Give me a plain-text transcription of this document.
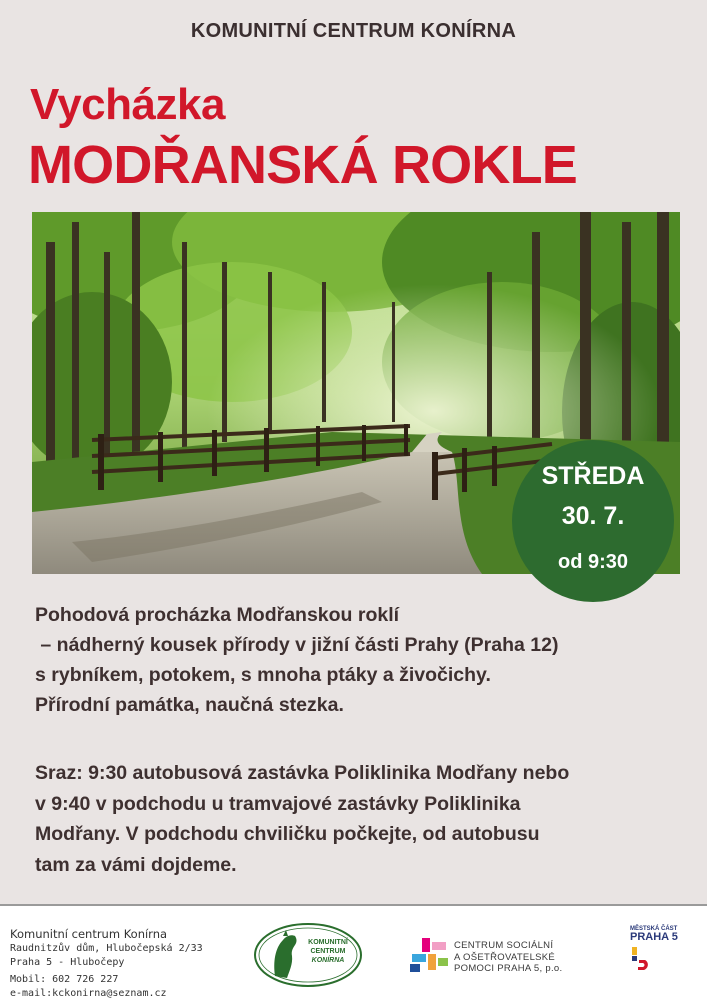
KOMUNITNÍ CENTRUM KONÍRNA
Vycházka
MODŘANSKÁ ROKLE
STŘEDA
30. 7.
od 9:30
Pohodová procházka Modřanskou roklí
– nádherný kousek přírody v jižní části Prahy (Praha 12)
s rybníkem, potokem, s mnoha ptáky a živočichy.
Přírodní památka, naučná stezka.
Sraz: 9:30 autobusová zastávka Poliklinika Modřany nebo
v 9:40 v podchodu u tramvajové zastávky Poliklinika
Modřany. V podchodu chviličku počkejte, od autobusu
tam za vámi dojdeme.
Komunitní centrum Konírna
Raudnitzův dům, Hlubočepská 2/33
Praha 5 - Hlubočepy
Mobil: 602 726 227
e-mail:kckonirna@seznam.cz
KOMUNITNÍ
CENTRUM
KONÍRNA
CENTRUM SOCIÁLNÍ
A OŠETŘOVATELSKÉ
POMOCI PRAHA 5, p.o.
MĚSTSKÁ ČÁST
PRAHA 5
